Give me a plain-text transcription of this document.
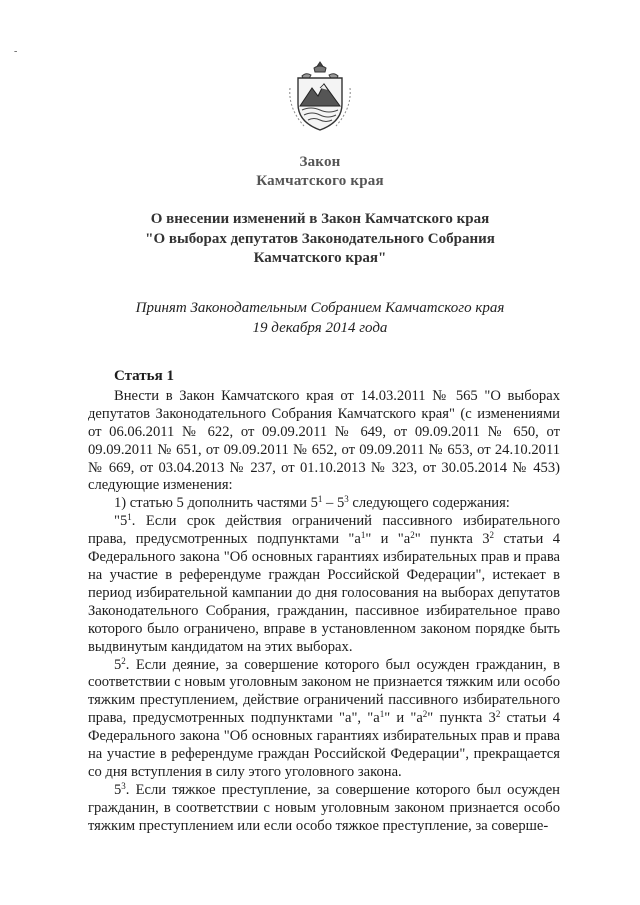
-
Закон
Камчатского края
О внесении изменений в Закон Камчатского края
"О выборах депутатов Законодательного Собрания
Камчатского края"
Принят Законодательным Собранием Камчатского края
19 декабря 2014 года
Статья 1

Внести в Закон Камчатского края от 14.03.2011 № 565 "О выборах депутатов Законодательного Собрания Камчатского края" (с изменениями от 06.06.2011 № 622, от 09.09.2011 № 649, от 09.09.2011 № 650, от 09.09.2011 № 651, от 09.09.2011 № 652, от 09.09.2011 № 653, от 24.10.2011 № 669, от 03.04.2013 № 237, от 01.10.2013 № 323, от 30.05.2014 № 453) следующие изменения:

1) статью 5 дополнить частями $5^1 - 5^3$ следующего содержания:

"$5^1$. Если срок действия ограничений пассивного избирательного права, предусмотренных подпунктами "$а^1$" и "$а^2$" пункта $3^2$ статьи 4 Федерального закона "Об основных гарантиях избирательных прав и права на участие в референдуме граждан Российской Федерации", истекает в период избирательной кампании до дня голосования на выборах депутатов Законодательного Собрания, гражданин, пассивное избирательное право которого было ограничено, вправе в установленном законом порядке быть выдвинутым кандидатом на этих выборах.

$5^2$. Если деяние, за совершение которого был осужден гражданин, в соответствии с новым уголовным законом не признается тяжким или особо тяжким преступлением, действие ограничений пассивного избирательного права, предусмотренных подпунктами "а", "$а^1$" и "$а^2$" пункта $3^2$ статьи 4 Федерального закона "Об основных гарантиях избирательных прав и права на участие в референдуме граждан Российской Федерации", прекращается со дня вступления в силу этого уголовного закона.

$5^3$. Если тяжкое преступление, за совершение которого был осужден гражданин, в соответствии с новым уголовным законом признается особо тяжким преступлением или если особо тяжкое преступление, за соверше-
